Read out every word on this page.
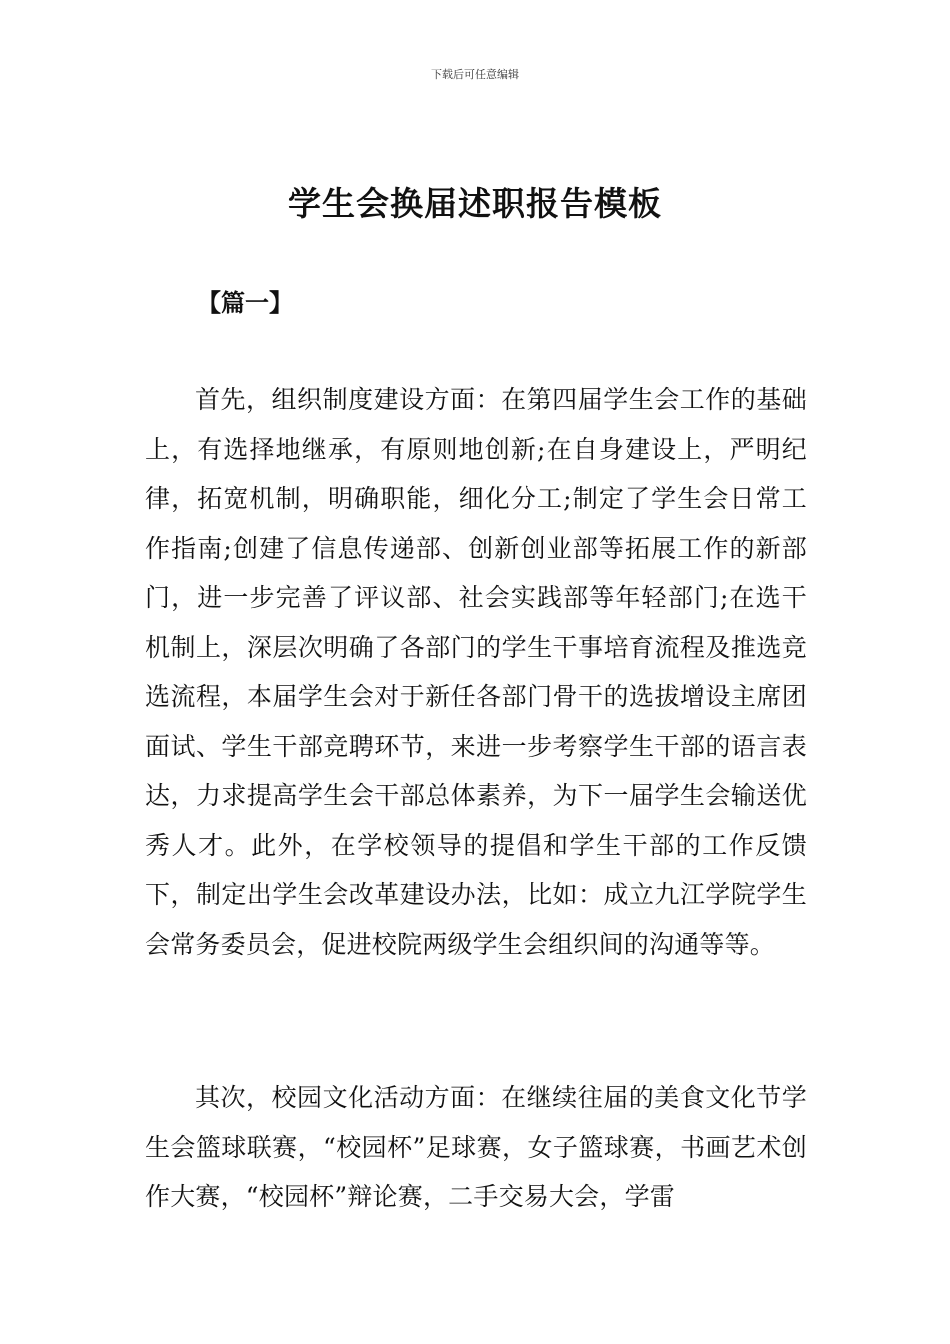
下载后可任意编辑
学生会换届述职报告模板
【篇一】

首先，组织制度建设方面：在第四届学生会工作的基础上，有选择地继承，有原则地创新;在自身建设上，严明纪律，拓宽机制，明确职能，细化分工;制定了学生会日常工作指南;创建了信息传递部、创新创业部等拓展工作的新部门，进一步完善了评议部、社会实践部等年轻部门;在选干机制上，深层次明确了各部门的学生干事培育流程及推选竞选流程，本届学生会对于新任各部门骨干的选拔增设主席团面试、学生干部竞聘环节，来进一步考察学生干部的语言表达，力求提高学生会干部总体素养，为下一届学生会输送优秀人才。此外，在学校领导的提倡和学生干部的工作反馈下，制定出学生会改革建设办法，比如：成立九江学院学生会常务委员会，促进校院两级学生会组织间的沟通等等。

其次，校园文化活动方面：在继续往届的美食文化节学生会篮球联赛，“校园杯”足球赛，女子篮球赛，书画艺术创作大赛，“校园杯”辩论赛，二手交易大会，学雷
